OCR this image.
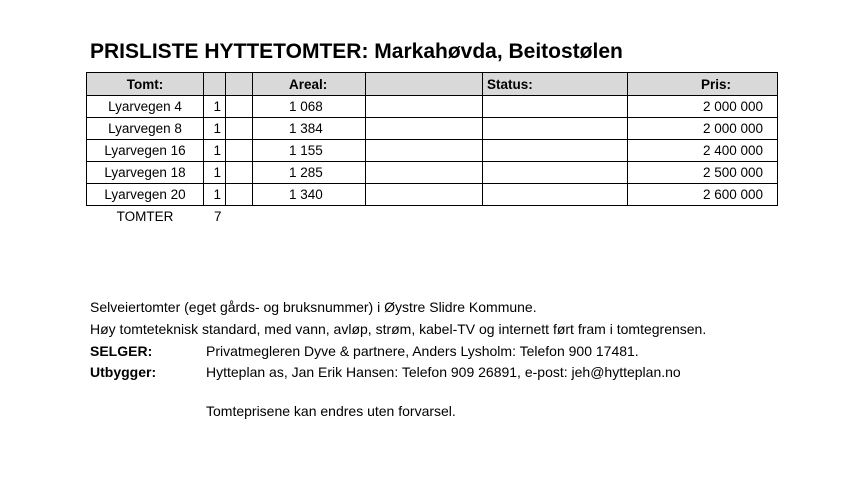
PRISLISTE HYTTETOMTER: Markahøvda, Beitostølen
Tomt:			Areal:		Status:	Pris:
Lyarvegen 4	1		1 068			2 000 000
Lyarvegen 8	1		1 384			2 000 000
Lyarvegen 16	1		1 155			2 400 000
Lyarvegen 18	1		1 285			2 500 000
Lyarvegen 20	1		1 340			2 600 000
TOMTER	7					
Selveiertomter (eget gårds- og bruksnummer) i Øystre Slidre Kommune.
Høy tomteteknisk standard, med vann, avløp, strøm, kabel-TV og internett ført fram i tomtegrensen.
SELGER:	Privatmegleren Dyve & partnere, Anders Lysholm: Telefon 900 17481.
Utbygger:	Hytteplan as, Jan Erik Hansen: Telefon 909 26891, e-post: jeh@hytteplan.no
Tomteprisene kan endres uten forvarsel.
